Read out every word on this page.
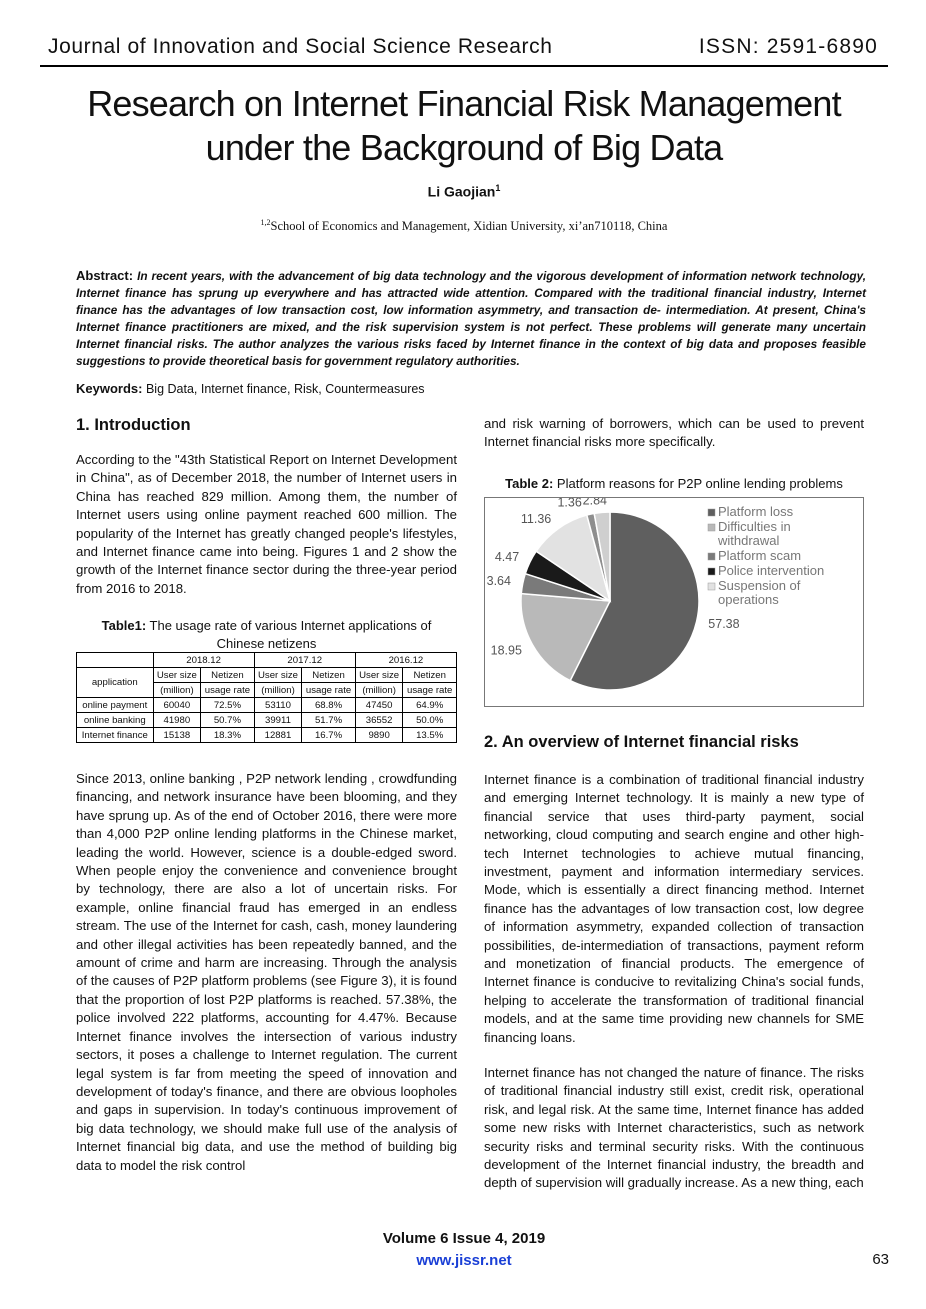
Journal of Innovation and Social Science Research	ISSN: 2591-6890
Research on Internet Financial Risk Management
under the Background of Big Data
Li Gaojian$^1$
$^{1,2}$School of Economics and Management, Xidian University, xi’an710118, China
Abstract: In recent years, with the advancement of big data technology and the vigorous development of information network technology, Internet finance has sprung up everywhere and has attracted wide attention. Compared with the traditional financial industry, Internet finance has the advantages of low transaction cost, low information asymmetry, and transaction de- intermediation. At present, China's Internet finance practitioners are mixed, and the risk supervision system is not perfect. These problems will generate many uncertain Internet financial risks. The author analyzes the various risks faced by Internet finance in the context of big data and proposes feasible suggestions to provide theoretical basis for government regulatory authorities.
Keywords: Big Data, Internet finance, Risk, Countermeasures
1. Introduction
According to the "43th Statistical Report on Internet Development in China", as of December 2018, the number of Internet users in China has reached 829 million. Among them, the number of Internet users using online payment reached 600 million. The popularity of the Internet has greatly changed people's lifestyles, and Internet finance came into being. Figures 1 and 2 show the growth of the Internet finance sector during the three-year period from 2016 to 2018.
Table1: The usage rate of various Internet applications of Chinese netizens
	2018.12		2017.12		2016.12	
application	User size	Netizen	User size	Netizen	User size	Netizen
	(million)	usage rate	(million)	usage rate	(million)	usage rate
online payment	60040	72.5%	53110	68.8%	47450	64.9%
online banking	41980	50.7%	39911	51.7%	36552	50.0%
Internet finance	15138	18.3%	12881	16.7%	9890	13.5%
Since 2013, online banking , P2P network lending , crowdfunding financing, and network insurance have been blooming, and they have sprung up. As of the end of October 2016, there were more than 4,000 P2P online lending platforms in the Chinese market, leading the world. However, science is a double-edged sword. When people enjoy the convenience and convenience brought by technology, there are also a lot of uncertain risks. For example, online financial fraud has emerged in an endless stream. The use of the Internet for cash, cash, money laundering and other illegal activities has been repeatedly banned, and the amount of crime and harm are increasing. Through the analysis of the causes of P2P platform problems (see Figure 3), it is found that the proportion of lost P2P platforms is reached. 57.38%, the police involved 222 platforms, accounting for 4.47%. Because Internet finance involves the intersection of various industry sectors, it poses a challenge to Internet regulation. The current legal system is far from meeting the speed of innovation and development of today's finance, and there are obvious loopholes and gaps in supervision. In today's continuous improvement of big data technology, we should make full use of the analysis of Internet financial big data, and use the method of building big data to model the risk control
and risk warning of borrowers, which can be used to prevent Internet financial risks more specifically.
Table 2: Platform reasons for P2P online lending problems
57.38
18.95
3.64
4.47
11.36
1.36 2.84
Platform loss
Difficulties in
withdrawal
Platform scam
Police intervention
Suspension of
operations
2. An overview of Internet financial risks
Internet finance is a combination of traditional financial industry and emerging Internet technology. It is mainly a new type of financial service that uses third-party payment, social networking, cloud computing and search engine and other high-tech Internet technologies to achieve mutual financing, investment, payment and information intermediary services. Mode, which is essentially a direct financing method. Internet finance has the advantages of low transaction cost, low degree of information asymmetry, expanded collection of transaction possibilities, de-intermediation of transactions, payment reform and monetization of financial products. The emergence of Internet finance is conducive to revitalizing China's social funds, helping to accelerate the transformation of traditional financial models, and at the same time providing new channels for SME financing loans.
Internet finance has not changed the nature of finance. The risks of traditional financial industry still exist, credit risk, operational risk, and legal risk. At the same time, Internet finance has added some new risks with Internet characteristics, such as network security risks and terminal security risks. With the continuous development of the Internet financial industry, the breadth and depth of supervision will gradually increase. As a new thing, each
Volume 6 Issue 4, 2019
www.jissr.net	63
